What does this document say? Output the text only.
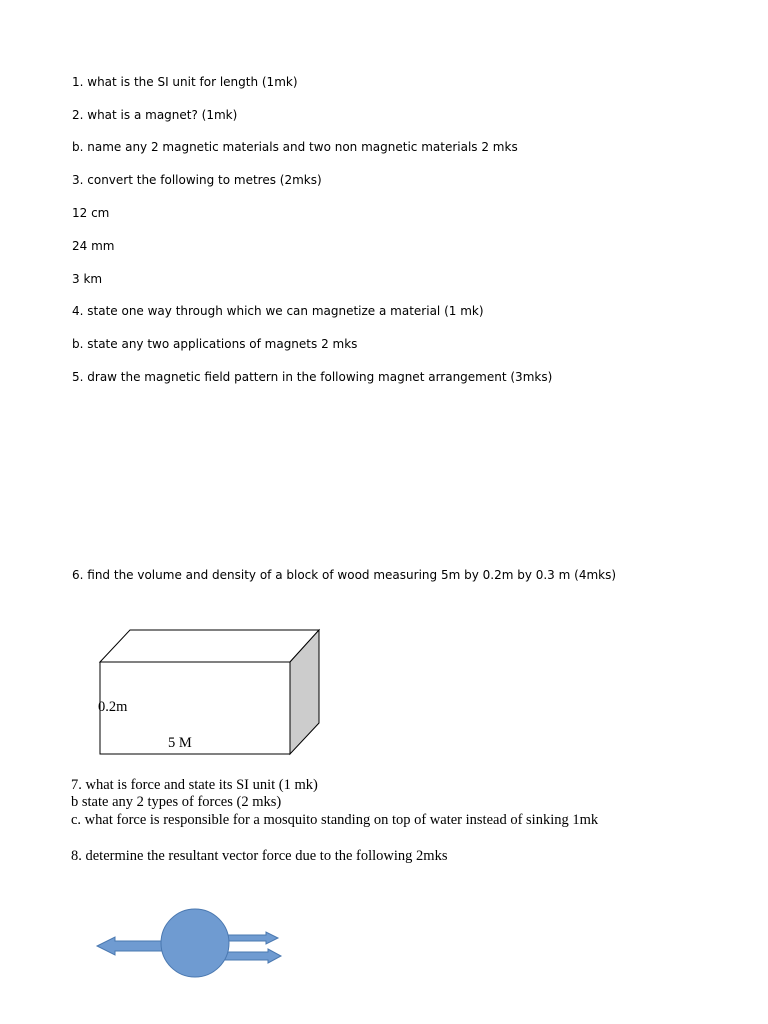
1. what is the SI unit for length (1mk)
2. what is a magnet? (1mk)
b. name any 2 magnetic materials and two non magnetic materials 2 mks
3. convert the following to metres (2mks)
12 cm
24 mm
3 km
4. state one way through which we can magnetize a material (1 mk)
b. state any two applications of magnets 2 mks
5. draw the magnetic field pattern in the following magnet arrangement (3mks)
6. find the volume and density of a block of wood measuring 5m by 0.2m by 0.3 m (4mks)
0.2m
5 M
7. what is force and state its SI unit (1 mk)
b state any 2 types of forces (2 mks)
c. what force is responsible for a mosquito standing on top of water instead of sinking 1mk
8. determine the resultant vector force due to the following 2mks
